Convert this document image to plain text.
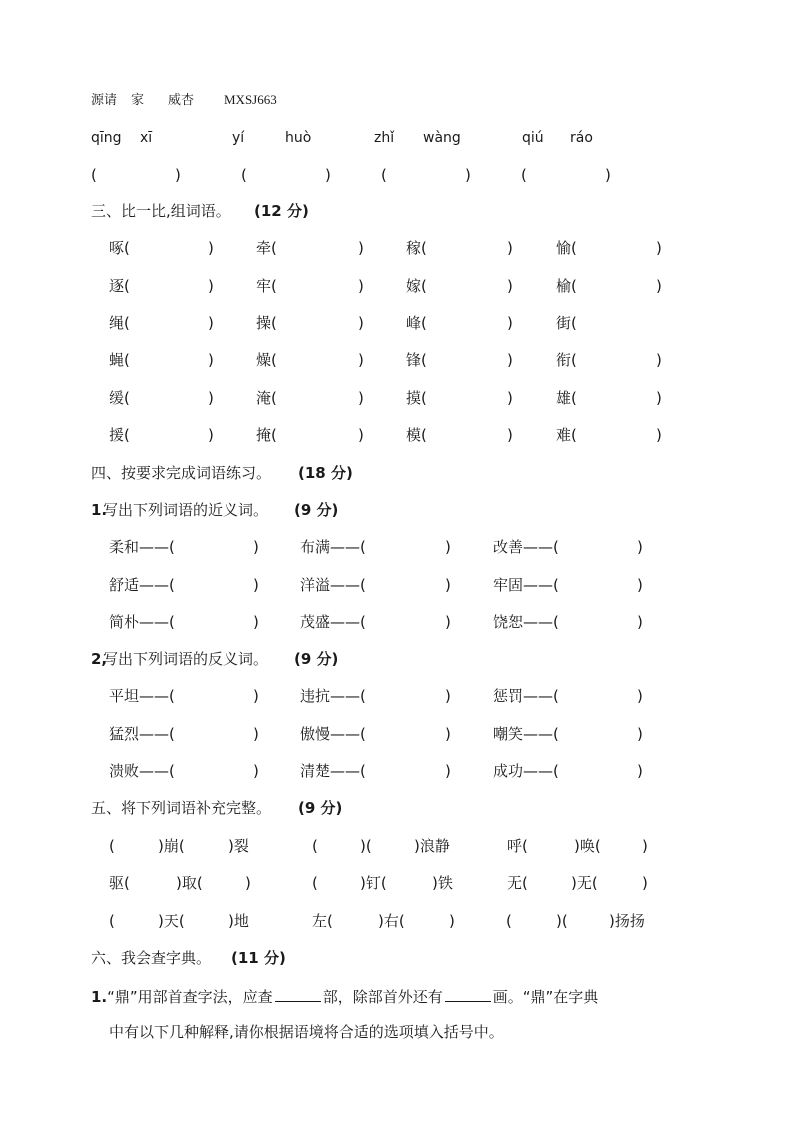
源请 家 威杏 MXSJ663
qīng xī	yí	huò	zhǐ wàng	qiú ráo
(	)	(	)	(	)	(	)
三、比一比,组词语。 (12 分)
啄(	)	牵(	)	稼(	)	愉(	)
逐(	)	牢(	)	嫁(	)	榆(	)
绳(	)	操(	)	峰(	)	街(
蝇(	)	燥(	)	锋(	)	衔(	)
缓(	)	淹(	)	摸(	)	雄(	)
援(	)	掩(	)	模(	)	难(	)
四、按要求完成词语练习。 (18 分)
1.
写出下列词语的近义词。 (9 分)
柔和——(	)	布满——(	)	改善——(	)
舒适——(	)	洋溢——(	)	牢固——(	)
简朴——(	)	茂盛——(	)	饶恕——(	)
2,
写出下列词语的反义词。 (9 分)
平坦——(	)	违抗——(	)	惩罚——(	)
猛烈——(	)	傲慢——(	)	嘲笑——(	)
溃败——(	)	清楚——(	)	成功——(	)
五、将下列词语补充完整。 (9 分)
(	)崩(	)裂	(	)(	)浪静	呼(	)唤(	)
驱(	)取(	)	(	)钉(	)铁	无(	)无(	)
(	)天(	)地	左(	)右(	)	(	)(	)扬扬
六、我会查字典。 (11 分)
1.“鼎”用部首查字法，应查	部，除部首外还有	画。“鼎”在字典
中有以下几种解释,请你根据语境将合适的选项填入括号中。
